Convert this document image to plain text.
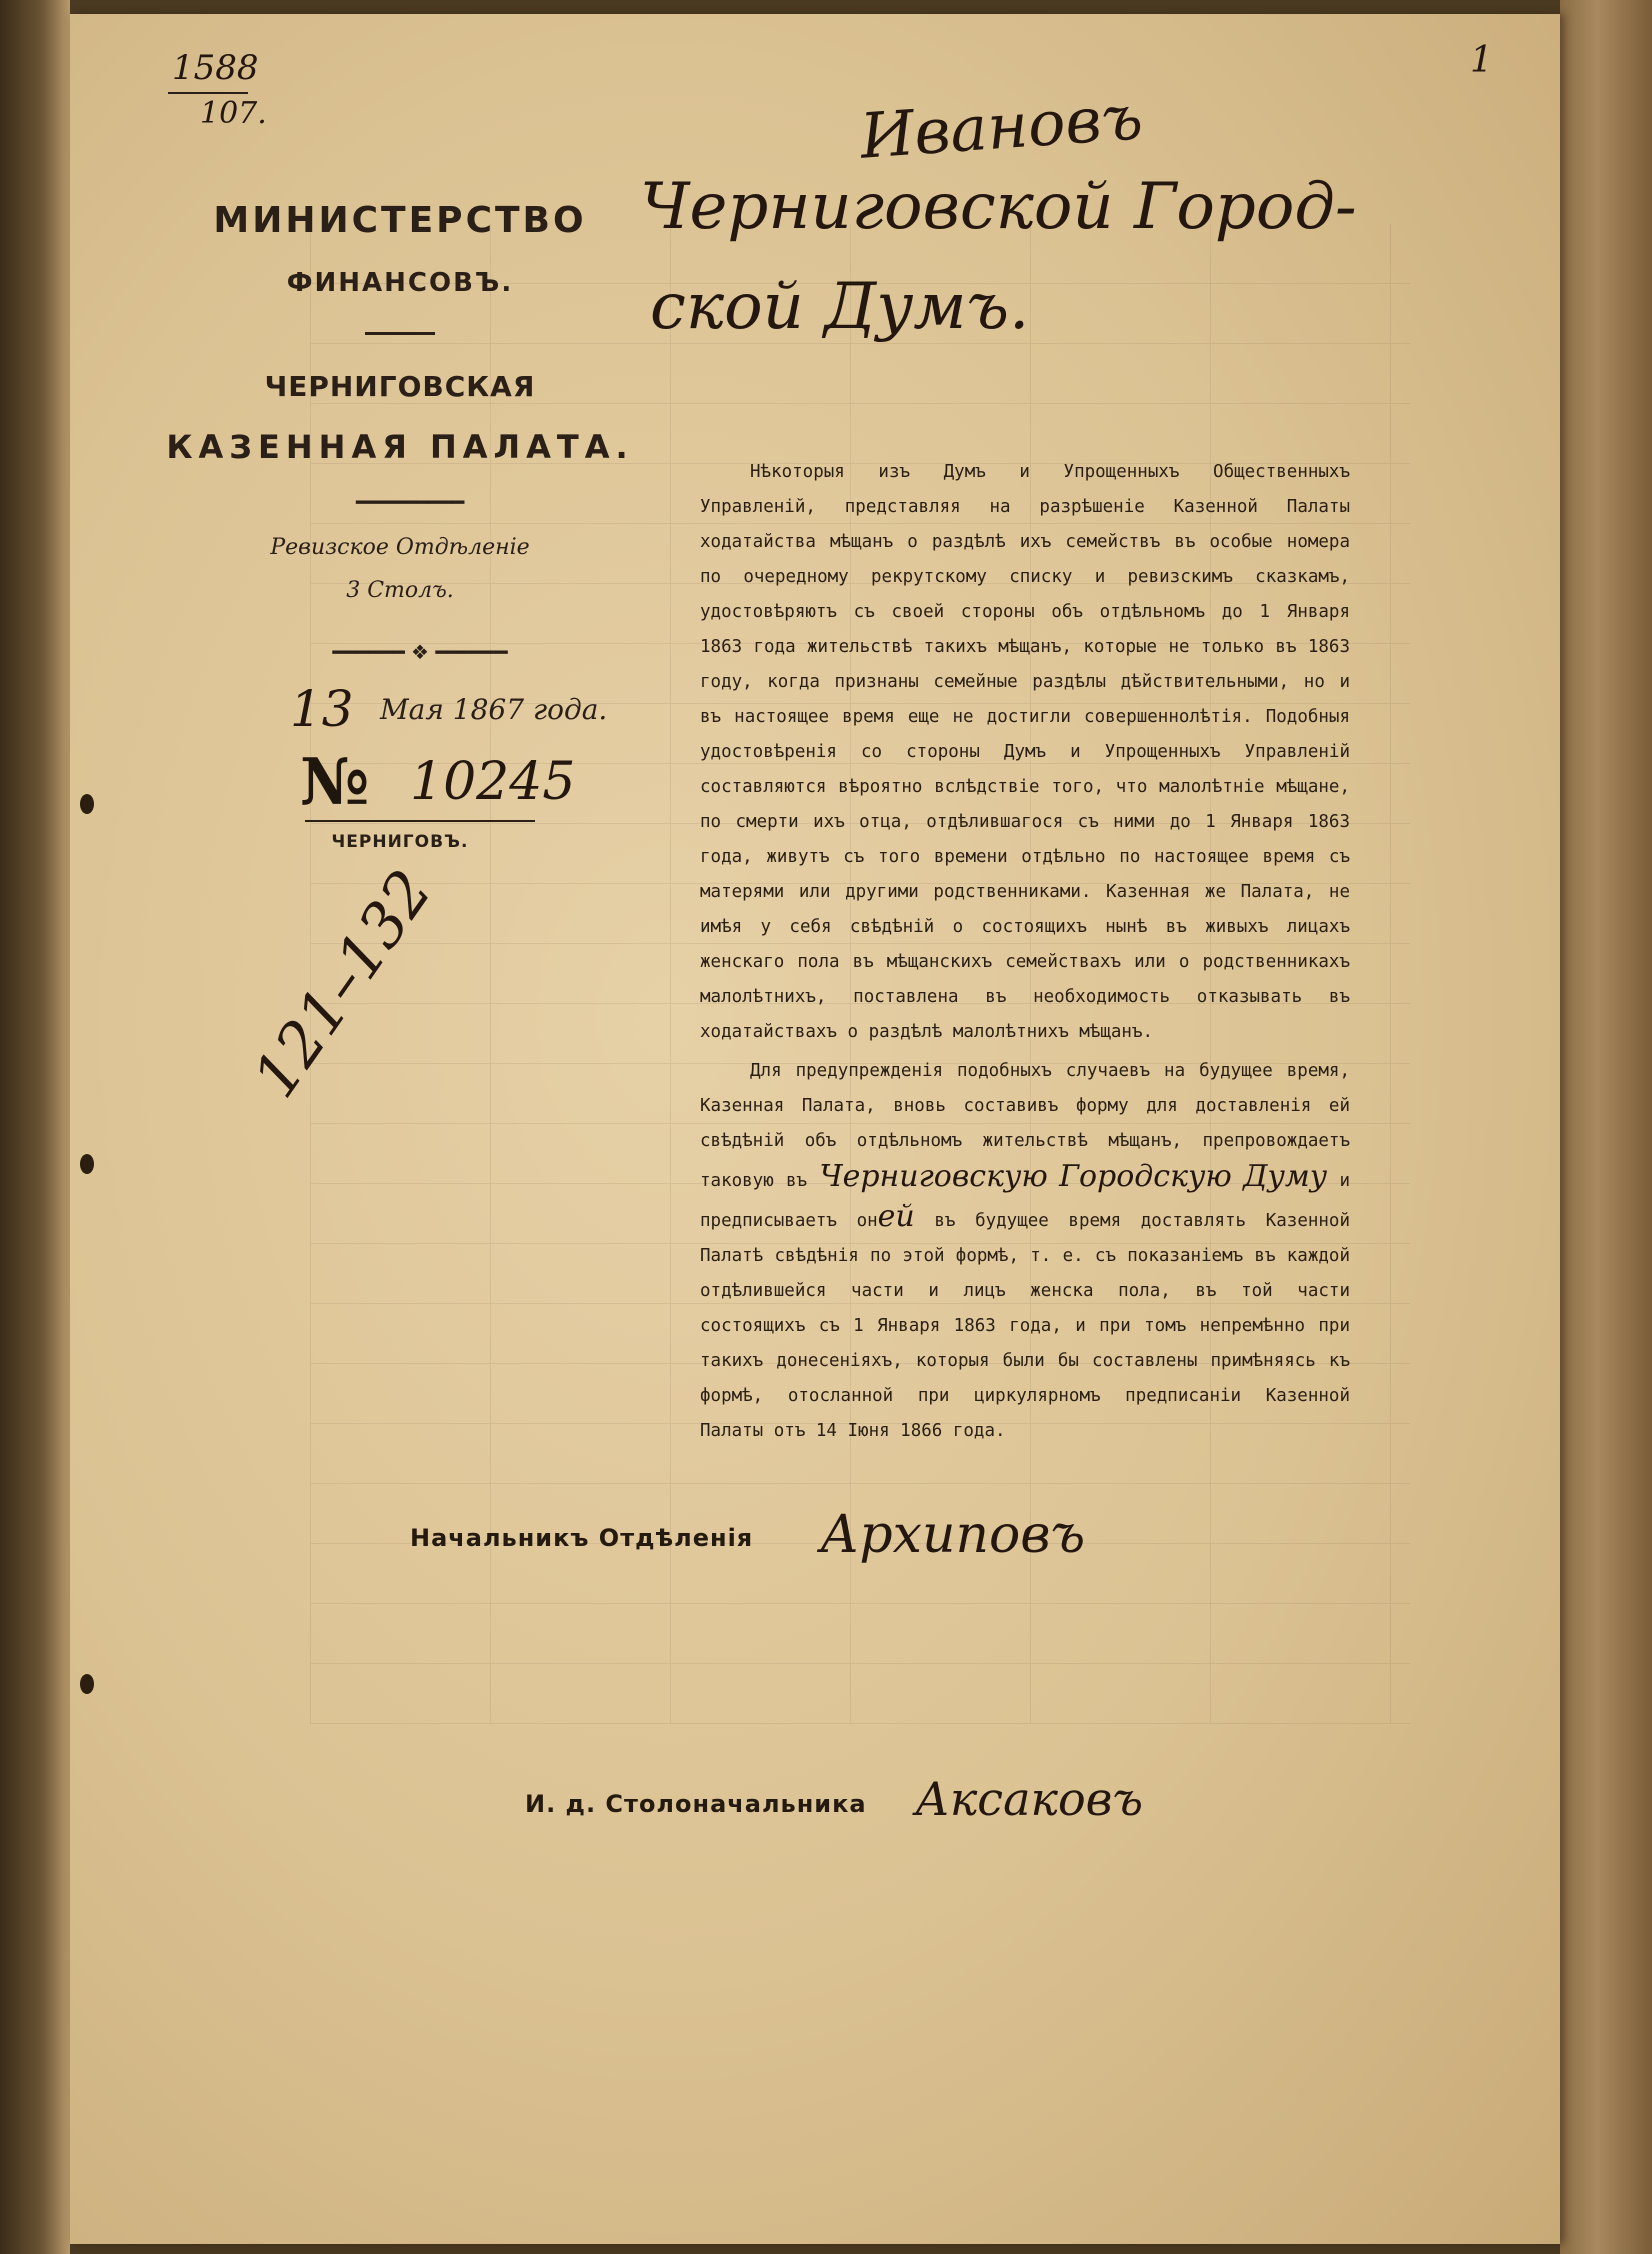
1588
107.
1
Ивановъ
Черниговской Город-
ской Думъ.
121–132
МИНИСТЕРСТВО
ФИНАНСОВЪ.
ЧЕРНИГОВСКАЯ
КАЗЕННАЯ ПАЛАТА.
━━━━━━━━━
Ревизское Отдѣленіе
3 Столъ.
━━━━━━ ❖ ━━━━━━
13 Мая 1867 года.
№ 10245
ЧЕРНИГОВЪ.

Нѣкоторыя изъ Думъ и Упрощенныхъ Общественныхъ Управленій, представляя на разрѣшеніе Казенной Палаты ходатайства мѣщанъ о раздѣлѣ ихъ семействъ въ особые номера по очередному рекрутскому списку и ревизскимъ сказкамъ, удостовѣряютъ съ своей стороны объ отдѣльномъ до 1 Января 1863 года жительствѣ такихъ мѣщанъ, которые не только въ 1863 году, когда признаны семейные раздѣлы дѣйствительными, но и въ настоящее время еще не достигли совершеннолѣтія. Подобныя удостовѣренія со стороны Думъ и Упрощенныхъ Управленій составляются вѣроятно вслѣдствіе того, что малолѣтніе мѣщане, по смерти ихъ отца, отдѣлившагося съ ними до 1 Января 1863 года, живутъ съ того времени отдѣльно по настоящее время съ матерями или другими родственниками. Казенная же Палата, не имѣя у себя свѣдѣній о состоящихъ нынѣ въ живыхъ лицахъ женскаго пола въ мѣщанскихъ семействахъ или о родственникахъ малолѣтнихъ, поставлена въ необходимость отказывать въ ходатайствахъ о раздѣлѣ малолѣтнихъ мѣщанъ.

Для предупрежденія подобныхъ случаевъ на будущее время, Казенная Палата, вновь составивъ форму для доставленія ей свѣдѣній объ отдѣльномъ жительствѣ мѣщанъ, препровождаетъ таковую въ Черниговскую Городскую Думу и предписываетъ оней въ будущее время доставлять Казенной Палатѣ свѣдѣнія по этой формѣ, т. е. съ показаніемъ въ каждой отдѣлившейся части и лицъ женска пола, въ той части состоящихъ съ 1 Января 1863 года, и при томъ непремѣнно при такихъ донесеніяхъ, которыя были бы составлены примѣняясь къ формѣ, отосланной при циркулярномъ предписаніи Казенной Палаты отъ 14 Іюня 1866 года.

Начальникъ Отдѣленія Архиповъ
И. д. Столоначальника Аксаковъ
